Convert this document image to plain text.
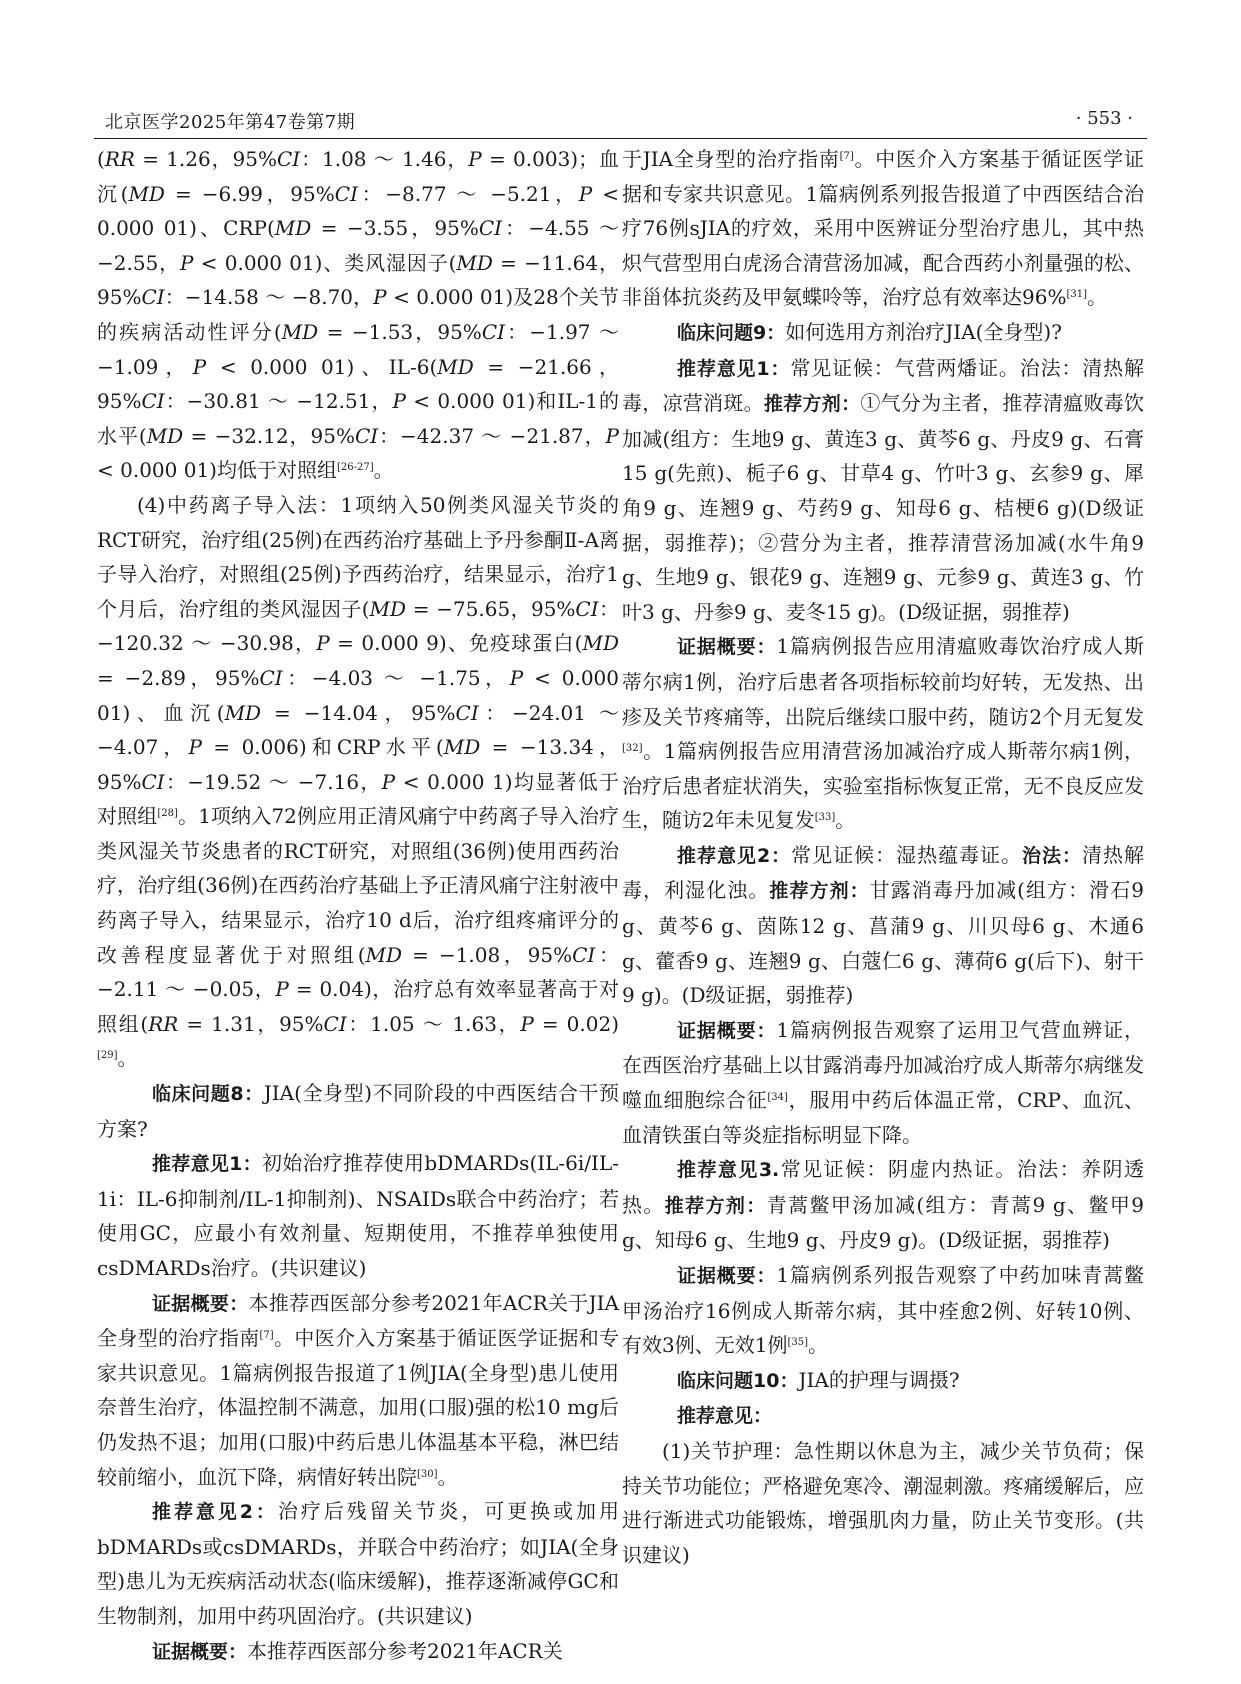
北京医学2025年第47卷第7期	· 553 ·

(RR = 1.26，95%CI：1.08 ～ 1.46，P = 0.003)；血沉(MD = −6.99，95%CI：−8.77 ～ −5.21，P < 0.000 01)、CRP(MD = −3.55，95%CI：−4.55 ～ −2.55，P < 0.000 01)、类风湿因子(MD = −11.64，95%CI：−14.58 ～ −8.70，P < 0.000 01)及28个关节的疾病活动性评分(MD = −1.53，95%CI：−1.97 ～ −1.09，P < 0.000 01)、IL-6(MD = −21.66，95%CI：−30.81 ～ −12.51，P < 0.000 01)和IL-1的水平(MD = −32.12，95%CI：−42.37 ～ −21.87，P < 0.000 01)均低于对照组[26-27]。

(4)中药离子导入法：1项纳入50例类风湿关节炎的RCT研究，治疗组(25例)在西药治疗基础上予丹参酮Ⅱ-A离子导入治疗，对照组(25例)予西药治疗，结果显示，治疗1个月后，治疗组的类风湿因子(MD = −75.65，95%CI：−120.32 ～ −30.98，P = 0.000 9)、免疫球蛋白(MD = −2.89，95%CI：−4.03 ～ −1.75，P < 0.000 01)、血沉(MD = −14.04，95%CI：−24.01 ～ −4.07，P = 0.006)和CRP水平(MD = −13.34，95%CI：−19.52 ～ −7.16，P < 0.000 1)均显著低于对照组[28]。1项纳入72例应用正清风痛宁中药离子导入治疗类风湿关节炎患者的RCT研究，对照组(36例)使用西药治疗，治疗组(36例)在西药治疗基础上予正清风痛宁注射液中药离子导入，结果显示，治疗10 d后，治疗组疼痛评分的改善程度显著优于对照组(MD = −1.08，95%CI：−2.11 ～ −0.05，P = 0.04)，治疗总有效率显著高于对照组(RR = 1.31，95%CI：1.05 ～ 1.63，P = 0.02)[29]。

临床问题8：JIA(全身型)不同阶段的中西医结合干预方案?

推荐意见1：初始治疗推荐使用bDMARDs(IL-6i/IL-1i：IL-6抑制剂/IL-1抑制剂)、NSAIDs联合中药治疗；若使用GC，应最小有效剂量、短期使用，不推荐单独使用csDMARDs治疗。(共识建议)

证据概要：本推荐西医部分参考2021年ACR关于JIA全身型的治疗指南[7]。中医介入方案基于循证医学证据和专家共识意见。1篇病例报告报道了1例JIA(全身型)患儿使用奈普生治疗，体温控制不满意，加用(口服)强的松10 mg后仍发热不退；加用(口服)中药后患儿体温基本平稳，淋巴结较前缩小，血沉下降，病情好转出院[30]。

推荐意见2：治疗后残留关节炎，可更换或加用bDMARDs或csDMARDs，并联合中药治疗；如JIA(全身型)患儿为无疾病活动状态(临床缓解)，推荐逐渐减停GC和生物制剂，加用中药巩固治疗。(共识建议)

证据概要：本推荐西医部分参考2021年ACR关

于JIA全身型的治疗指南[7]。中医介入方案基于循证医学证据和专家共识意见。1篇病例系列报告报道了中西医结合治疗76例sJIA的疗效，采用中医辨证分型治疗患儿，其中热炽气营型用白虎汤合清营汤加减，配合西药小剂量强的松、非甾体抗炎药及甲氨蝶呤等，治疗总有效率达96%[31]。

临床问题9：如何选用方剂治疗JIA(全身型)?

推荐意见1：常见证候：气营两燔证。治法：清热解毒，凉营消斑。推荐方剂：①气分为主者，推荐清瘟败毒饮加减(组方：生地9 g、黄连3 g、黄芩6 g、丹皮9 g、石膏15 g(先煎)、栀子6 g、甘草4 g、竹叶3 g、玄参9 g、犀角9 g、连翘9 g、芍药9 g、知母6 g、桔梗6 g)(D级证据，弱推荐)；②营分为主者，推荐清营汤加减(水牛角9 g、生地9 g、银花9 g、连翘9 g、元参9 g、黄连3 g、竹叶3 g、丹参9 g、麦冬15 g)。(D级证据，弱推荐)

证据概要：1篇病例报告应用清瘟败毒饮治疗成人斯蒂尔病1例，治疗后患者各项指标较前均好转，无发热、出疹及关节疼痛等，出院后继续口服中药，随访2个月无复发[32]。1篇病例报告应用清营汤加减治疗成人斯蒂尔病1例，治疗后患者症状消失，实验室指标恢复正常，无不良反应发生，随访2年未见复发[33]。

推荐意见2：常见证候：湿热蕴毒证。治法：清热解毒，利湿化浊。推荐方剂：甘露消毒丹加减(组方：滑石9 g、黄芩6 g、茵陈12 g、菖蒲9 g、川贝母6 g、木通6 g、藿香9 g、连翘9 g、白蔻仁6 g、薄荷6 g(后下)、射干9 g)。(D级证据，弱推荐)

证据概要：1篇病例报告观察了运用卫气营血辨证，在西医治疗基础上以甘露消毒丹加减治疗成人斯蒂尔病继发噬血细胞综合征[34]，服用中药后体温正常，CRP、血沉、血清铁蛋白等炎症指标明显下降。

推荐意见3.常见证候：阴虚内热证。治法：养阴透热。推荐方剂：青蒿鳖甲汤加减(组方：青蒿9 g、鳖甲9 g、知母6 g、生地9 g、丹皮9 g)。(D级证据，弱推荐)

证据概要：1篇病例系列报告观察了中药加味青蒿鳖甲汤治疗16例成人斯蒂尔病，其中痊愈2例、好转10例、有效3例、无效1例[35]。

临床问题10：JIA的护理与调摄?

推荐意见：

(1)关节护理：急性期以休息为主，减少关节负荷；保持关节功能位；严格避免寒冷、潮湿刺激。疼痛缓解后，应进行渐进式功能锻炼，增强肌肉力量，防止关节变形。(共识建议)
